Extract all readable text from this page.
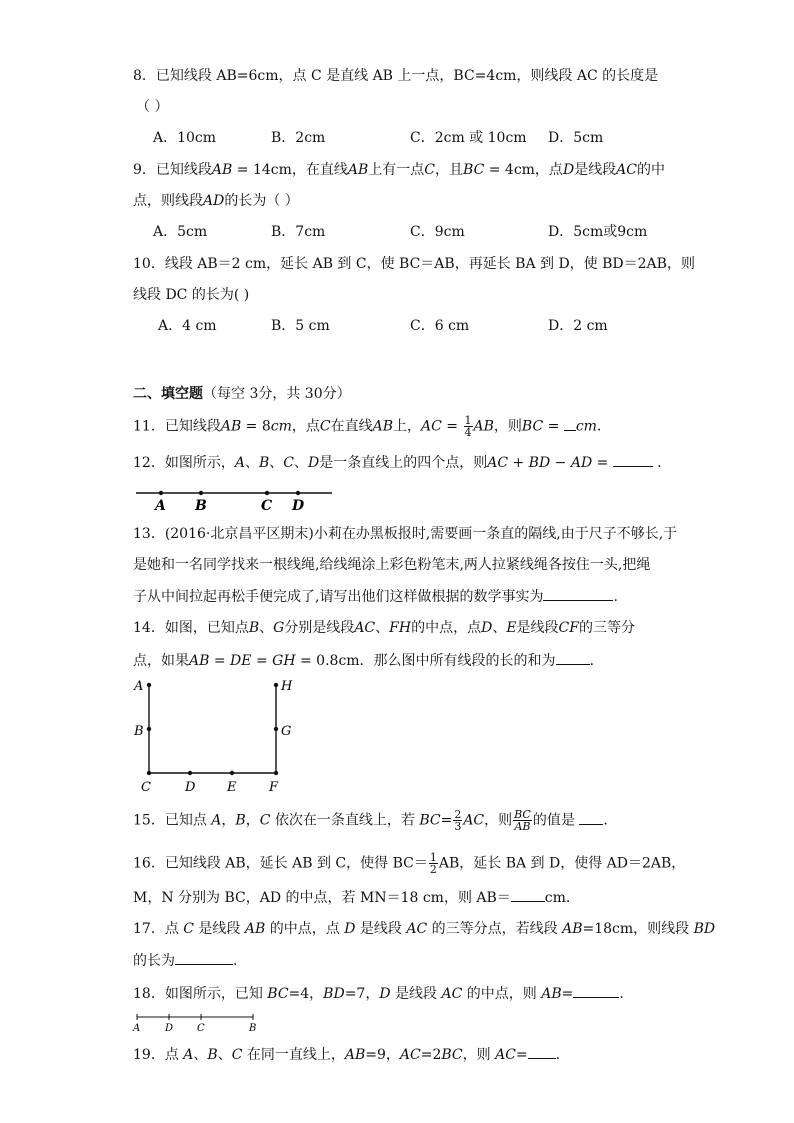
8．已知线段 AB=6cm，点 C 是直线 AB 上一点，BC=4cm，则线段 AC 的长度是
（ ）
A．10cm	B．2cm	C．2cm 或 10cm D．5cm
9．已知线段AB = 14cm，在直线AB上有一点C，且BC = 4cm，点D是线段AC的中
点，则线段AD的长为（ ）
A．5cm	B．7cm	C．9cm	D．5cm或9cm
10．线段 AB＝2 cm，延长 AB 到 C，使 BC＝AB，再延长 BA 到 D，使 BD＝2AB，则
线段 DC 的长为( )
A．4 cm	B．5 cm	C．6 cm	D．2 cm
二、填空题（每空 3分，共 30分）
11．已知线段AB = 8cm，点C在直线AB上，AC = $\frac{1}{4}$ AB，则BC = cm．
12．如图所示，A、B、C、D是一条直线上的四个点，则AC + BD − AD =	．
A B	C D
13．(2016·北京昌平区期末)小莉在办黑板报时,需要画一条直的隔线,由于尺子不够长,于
是她和一名同学找来一根线绳,给线绳涂上彩色粉笔末,两人拉紧线绳各按住一头,把绳
子从中间拉起再松手便完成了,请写出他们这样做根据的数学事实为	.
14．如图，已知点B、G分别是线段AC、FH的中点，点D、E是线段CF的三等分
点，如果AB = DE = GH = 0.8cm．那么图中所有线段的长的和为 ．
A
B
C	D E	F
G
H
15．已知点 A，B，C 依次在一条直线上，若 $BC= \frac{2}{3}$ AC，则 $\frac{BC}{AB}$ 的值是 ．
16．已知线段 AB，延长 AB 到 C，使得 $BC= \frac{1}{2}$ AB，延长 BA 到 D，使得 AD＝2AB，
M，N 分别为 BC，AD 的中点，若 MN＝18 cm，则 AB＝ cm.
17．点 C 是线段 AB 的中点，点 D 是线段 AC 的三等分点，若线段 AB=18cm，则线段 BD
的长为	．
18．如图所示，已知 BC=4，BD=7，D 是线段 AC 的中点，则 AB=	．
A D C	B
19．点 A、B、C 在同一直线上，AB=9，AC=2BC，则 AC= ．
